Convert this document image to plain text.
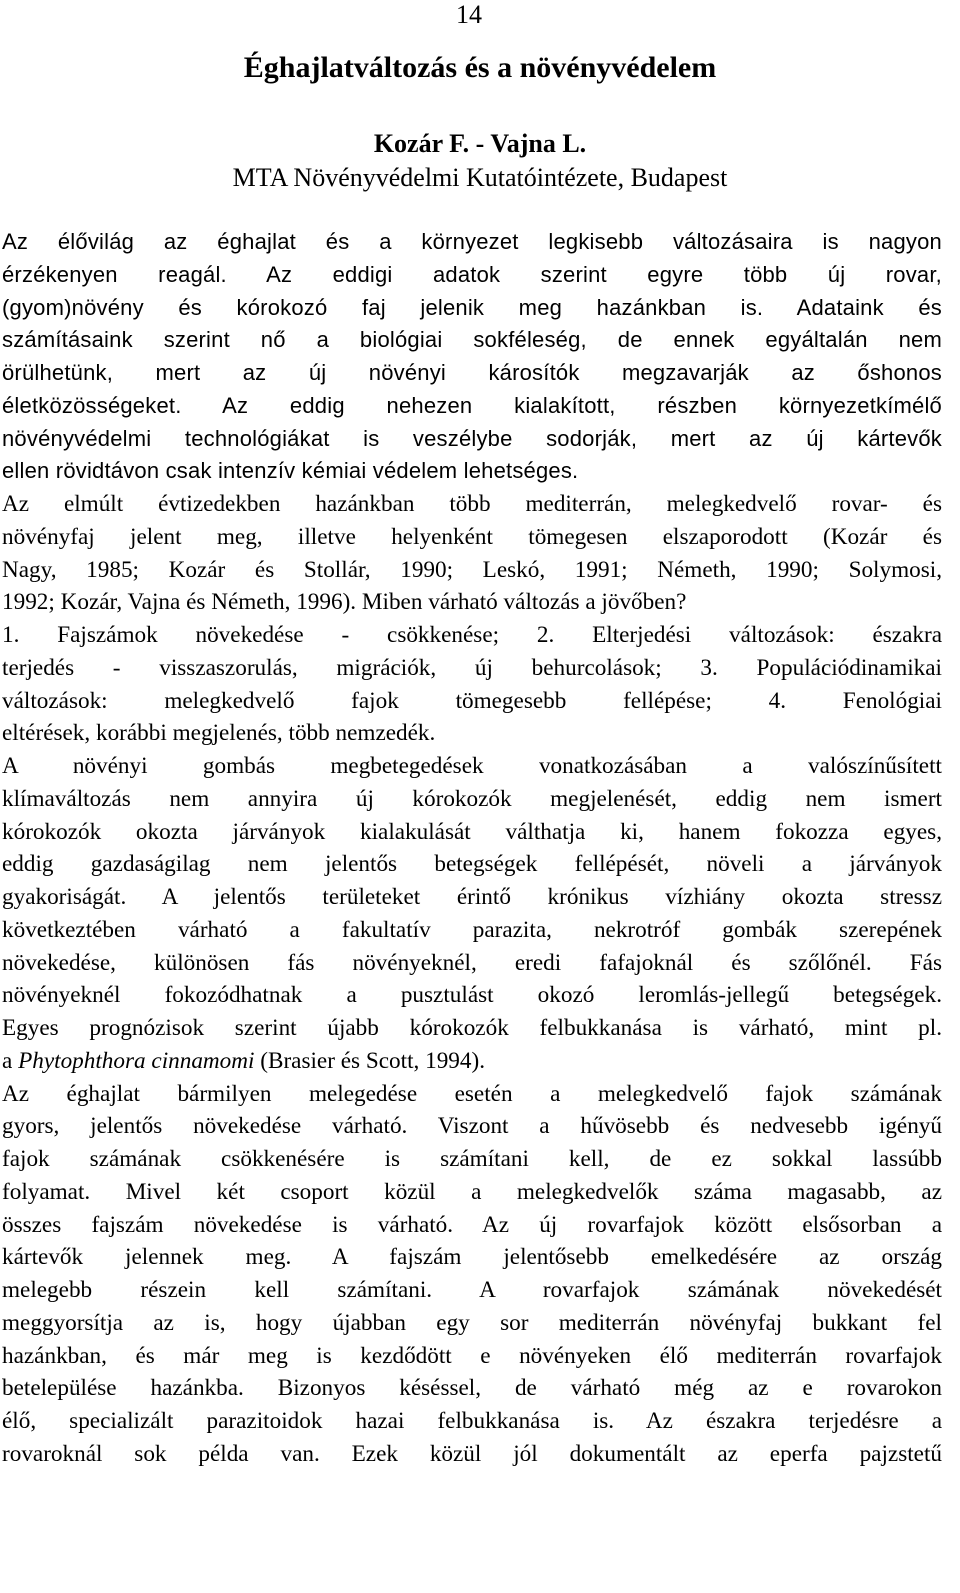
14
Éghajlatváltozás és a növényvédelem
Kozár F. - Vajna L.
MTA Növényvédelmi Kutatóintézete, Budapest

Az élővilág az éghajlat és a környezet legkisebb változásaira is nagyon
érzékenyen reagál. Az eddigi adatok szerint egyre több új rovar,
(gyom)növény és kórokozó faj jelenik meg hazánkban is. Adataink és
számításaink szerint nő a biológiai sokféleség, de ennek egyáltalán nem
örülhetünk, mert az új növényi károsítók megzavarják az őshonos
életközösségeket. Az eddig nehezen kialakított, részben környezetkímélő
növényvédelmi technológiákat is veszélybe sodorják, mert az új kártevők
ellen rövidtávon csak intenzív kémiai védelem lehetséges.

Az elmúlt évtizedekben hazánkban több mediterrán, melegkedvelő rovar- és
növényfaj jelent meg, illetve helyenként tömegesen elszaporodott (Kozár és
Nagy, 1985; Kozár és Stollár, 1990; Leskó, 1991; Németh, 1990; Solymosi,
1992; Kozár, Vajna és Németh, 1996). Miben várható változás a jövőben?
1. Fajszámok növekedése - csökkenése; 2. Elterjedési változások: északra
terjedés - visszaszorulás, migrációk, új behurcolások; 3. Populációdinamikai
változások: melegkedvelő fajok tömegesebb fellépése; 4. Fenológiai
eltérések, korábbi megjelenés, több nemzedék.

A növényi gombás megbetegedések vonatkozásában a valószínűsített
klímaváltozás nem annyira új kórokozók megjelenését, eddig nem ismert
kórokozók okozta járványok kialakulását válthatja ki, hanem fokozza egyes,
eddig gazdaságilag nem jelentős betegségek fellépését, növeli a járványok
gyakoriságát. A jelentős területeket érintő krónikus vízhiány okozta stressz
következtében várható a fakultatív parazita, nekrotróf gombák szerepének
növekedése, különösen fás növényeknél, eredi fafajoknál és szőlőnél. Fás
növényeknél fokozódhatnak a pusztulást okozó leromlás-jellegű betegségek.
Egyes prognózisok szerint újabb kórokozók felbukkanása is várható, mint pl.
a Phytophthora cinnamomi (Brasier és Scott, 1994).

Az éghajlat bármilyen melegedése esetén a melegkedvelő fajok számának
gyors, jelentős növekedése várható. Viszont a hűvösebb és nedvesebb igényű
fajok számának csökkenésére is számítani kell, de ez sokkal lassúbb
folyamat. Mivel két csoport közül a melegkedvelők száma magasabb, az
összes fajszám növekedése is várható. Az új rovarfajok között elsősorban a
kártevők jelennek meg. A fajszám jelentősebb emelkedésére az ország
melegebb részein kell számítani. A rovarfajok számának növekedését
meggyorsítja az is, hogy újabban egy sor mediterrán növényfaj bukkant fel
hazánkban, és már meg is kezdődött e növényeken élő mediterrán rovarfajok
betelepülése hazánkba. Bizonyos késéssel, de várható még az e rovarokon
élő, specializált parazitoidok hazai felbukkanása is. Az északra terjedésre a
rovaroknál sok példa van. Ezek közül jól dokumentált az eperfa pajzstetű
